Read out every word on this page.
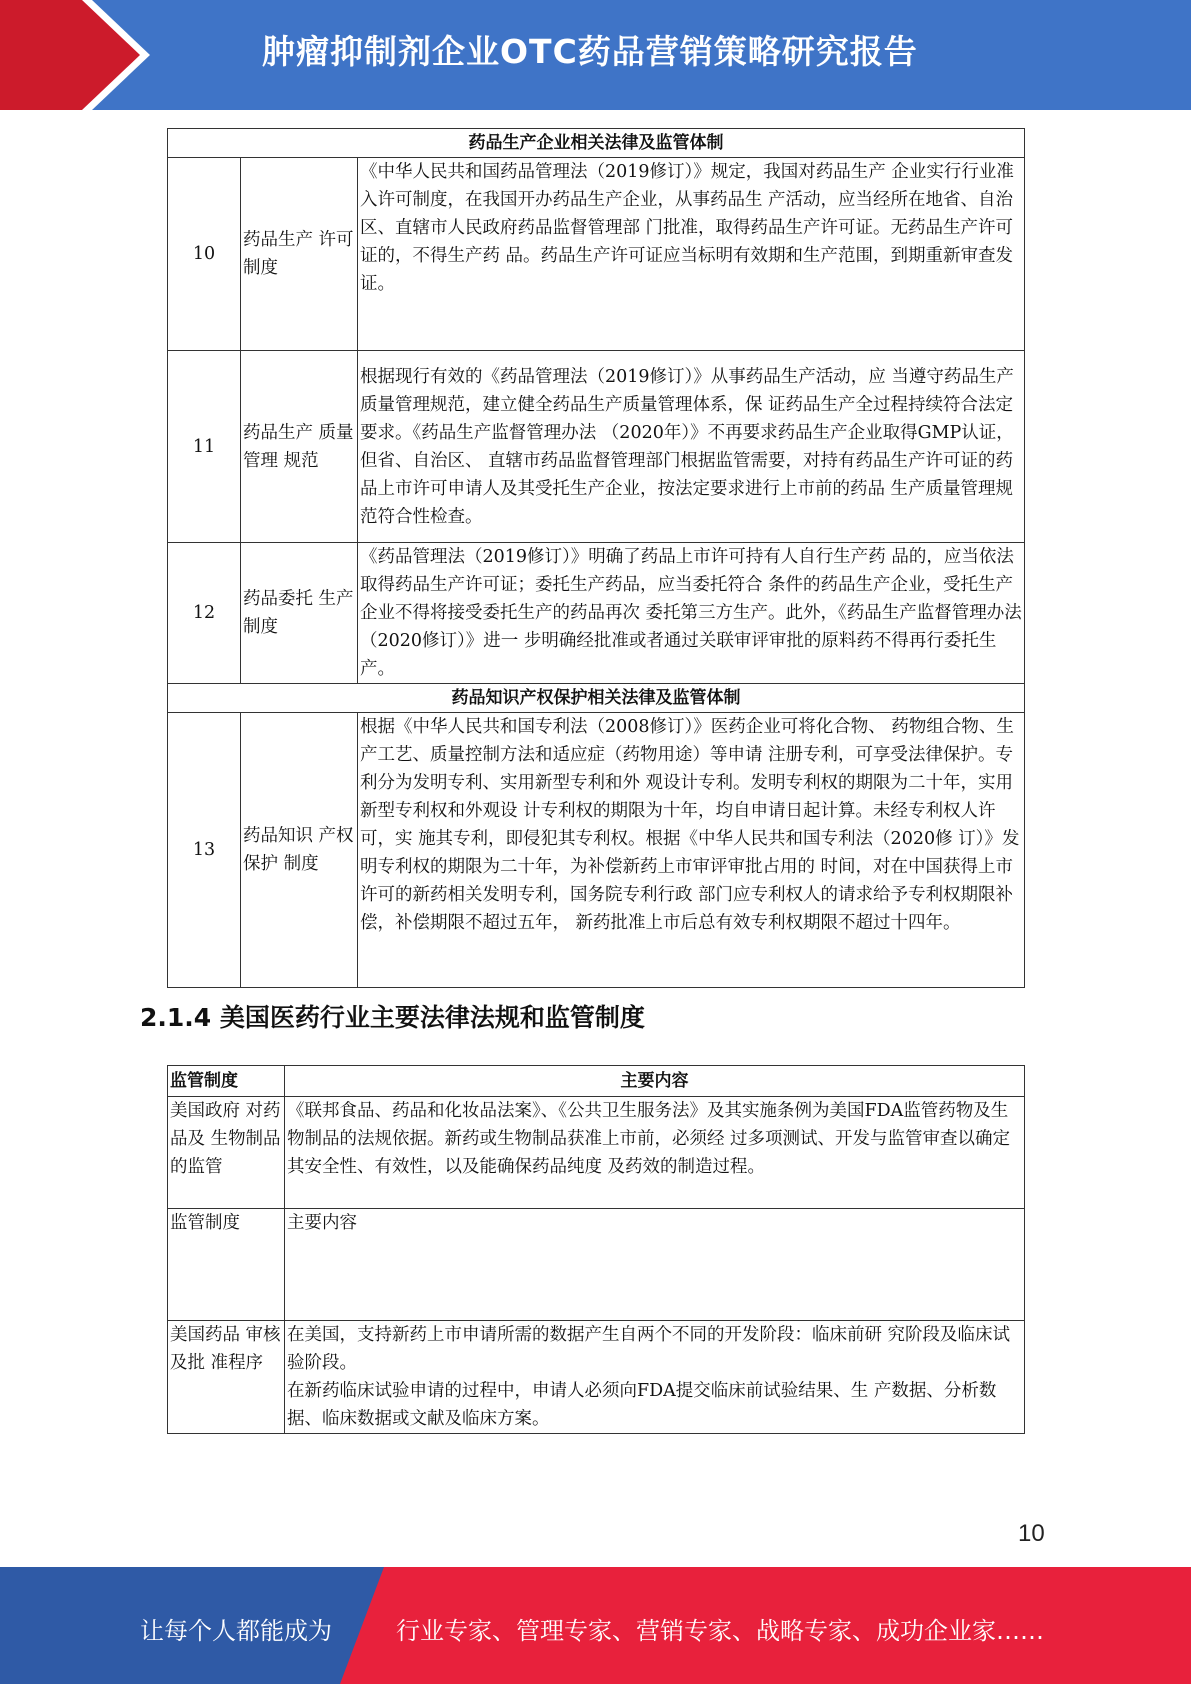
肿瘤抑制剂企业OTC药品营销策略研究报告
药品生产企业相关法律及监管体制		
10	药品生产 许可制度	《中华人民共和国药品管理法（2019修订）》规定，我国对药品生产 企业实行行业准入许可制度，在我国开办药品生产企业，从事药品生 产活动，应当经所在地省、自治区、直辖市人民政府药品监督管理部 门批准，取得药品生产许可证。无药品生产许可证的，不得生产药 品。药品生产许可证应当标明有效期和生产范围，到期重新审查发 证。
11	药品生产 质量管理 规范	根据现行有效的《药品管理法（2019修订）》从事药品生产活动，应 当遵守药品生产质量管理规范，建立健全药品生产质量管理体系，保 证药品生产全过程持续符合法定要求。《药品生产监督管理办法 （2020年）》不再要求药品生产企业取得GMP认证，但省、自治区、 直辖市药品监督管理部门根据监管需要，对持有药品生产许可证的药 品上市许可申请人及其受托生产企业，按法定要求进行上市前的药品 生产质量管理规范符合性检查。
12	药品委托 生产制度	《药品管理法（2019修订）》明确了药品上市许可持有人自行生产药 品的，应当依法取得药品生产许可证；委托生产药品，应当委托符合 条件的药品生产企业，受托生产企业不得将接受委托生产的药品再次 委托第三方生产。此外，《药品生产监督管理办法（2020修订）》进一 步明确经批准或者通过关联审评审批的原料药不得再行委托生产。
药品知识产权保护相关法律及监管体制		
13	药品知识 产权保护 制度	根据《中华人民共和国专利法（2008修订）》医药企业可将化合物、 药物组合物、生产工艺、质量控制方法和适应症（药物用途）等申请 注册专利，可享受法律保护。专利分为发明专利、实用新型专利和外 观设计专利。发明专利权的期限为二十年，实用新型专利权和外观设 计专利权的期限为十年，均自申请日起计算。未经专利权人许可，实 施其专利，即侵犯其专利权。根据《中华人民共和国专利法（2020修 订）》发明专利权的期限为二十年，为补偿新药上市审评审批占用的 时间，对在中国获得上市许可的新药相关发明专利，国务院专利行政 部门应专利权人的请求给予专利权期限补偿，补偿期限不超过五年， 新药批准上市后总有效专利权期限不超过十四年。
2.1.4 美国医药行业主要法律法规和监管制度
监管制度	主要内容
美国政府 对药品及 生物制品 的监管	《联邦食品、药品和化妆品法案》、《公共卫生服务法》及其实施条例为美国FDA监管药物及生物制品的法规依据。新药或生物制品获准上市前，必须经 过多项测试、开发与监管审查以确定其安全性、有效性，以及能确保药品纯度 及药效的制造过程。

监管制度	主要内容

美国药品 审核及批 准程序	在美国，支持新药上市申请所需的数据产生自两个不同的开发阶段：临床前研 究阶段及临床试验阶段。
在新药临床试验申请的过程中，申请人必须向FDA提交临床前试验结果、生 产数据、分析数据、临床数据或文献及临床方案。
10
让每个人都能成为	行业专家、管理专家、营销专家、战略专家、成功企业家……
